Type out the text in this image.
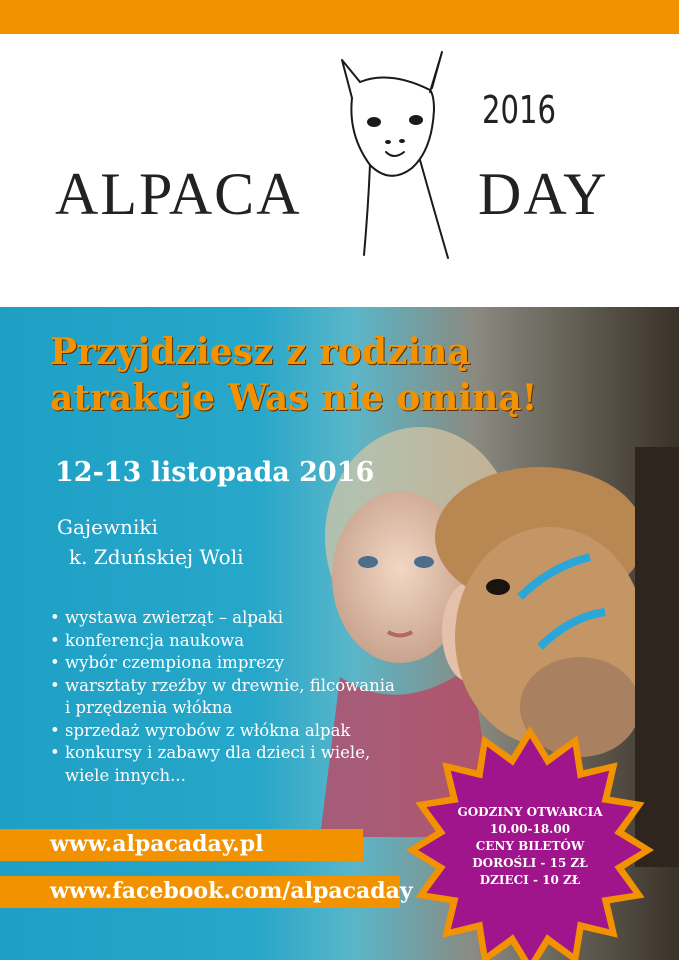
ALPACA
2016
DAY
Przyjdziesz z rodziną
atrakcje Was nie ominą!
12-13 listopada 2016
Gajewniki
k. Zduńskiej Woli
• wystawa zwierząt – alpaki
• konferencja naukowa
• wybór czempiona imprezy
• warsztaty rzeźby w drewnie, filcowania
i przędzenia włókna
• sprzedaż wyrobów z włókna alpak
• konkursy i zabawy dla dzieci i wiele,
wiele innych...
www.alpacaday.pl
www.facebook.com/alpacaday
GODZINY OTWARCIA
10.00-18.00
CENY BILETÓW
DOROŚLI - 15 ZŁ
DZIECI - 10 ZŁ
